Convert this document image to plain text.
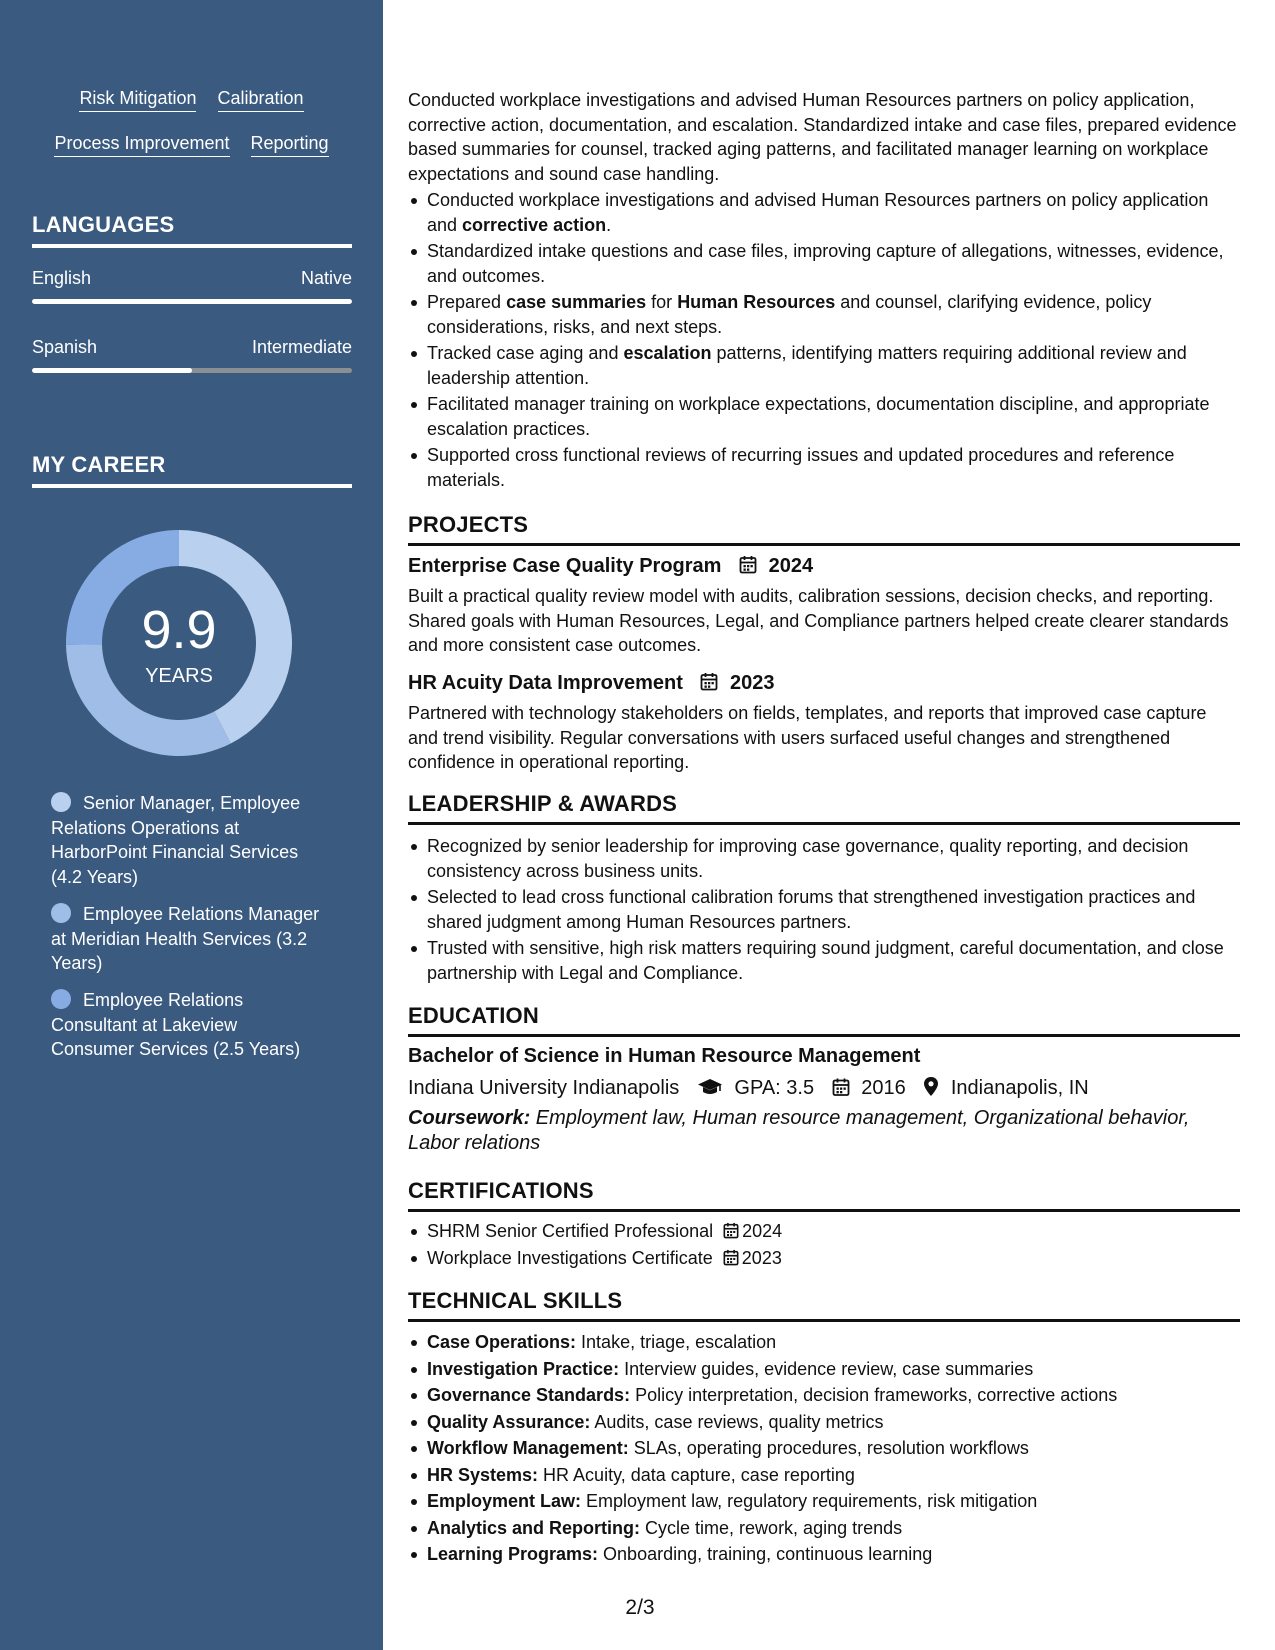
Risk Mitigation Calibration
Process Improvement Reporting
LANGUAGES
English	Native
Spanish	Intermediate
MY CAREER
9.9
YEARS
Senior Manager, Employee Relations Operations at HarborPoint Financial Services (4.2 Years)
Employee Relations Manager at Meridian Health Services (3.2 Years)
Employee Relations Consultant at Lakeview Consumer Services (2.5 Years)
Conducted workplace investigations and advised Human Resources partners on policy application, corrective action, documentation, and escalation. Standardized intake and case files, prepared evidence based summaries for counsel, tracked aging patterns, and facilitated manager learning on workplace expectations and sound case handling.
Conducted workplace investigations and advised Human Resources partners on policy application and corrective action.
Standardized intake questions and case files, improving capture of allegations, witnesses, evidence, and outcomes.
Prepared case summaries for Human Resources and counsel, clarifying evidence, policy considerations, risks, and next steps.
Tracked case aging and escalation patterns, identifying matters requiring additional review and leadership attention.
Facilitated manager training on workplace expectations, documentation discipline, and appropriate escalation practices.
Supported cross functional reviews of recurring issues and updated procedures and reference materials.
PROJECTS
Enterprise Case Quality Program 2024
Built a practical quality review model with audits, calibration sessions, decision checks, and reporting. Shared goals with Human Resources, Legal, and Compliance partners helped create clearer standards and more consistent case outcomes.
HR Acuity Data Improvement 2023
Partnered with technology stakeholders on fields, templates, and reports that improved case capture and trend visibility. Regular conversations with users surfaced useful changes and strengthened confidence in operational reporting.
LEADERSHIP & AWARDS
Recognized by senior leadership for improving case governance, quality reporting, and decision consistency across business units.
Selected to lead cross functional calibration forums that strengthened investigation practices and shared judgment among Human Resources partners.
Trusted with sensitive, high risk matters requiring sound judgment, careful documentation, and close partnership with Legal and Compliance.
EDUCATION
Bachelor of Science in Human Resource Management
Indiana University Indianapolis	GPA: 3.5 2016 Indianapolis, IN
Coursework: Employment law, Human resource management, Organizational behavior, Labor relations
CERTIFICATIONS
SHRM Senior Certified Professional 2024
Workplace Investigations Certificate 2023
TECHNICAL SKILLS
Case Operations: Intake, triage, escalation
Investigation Practice: Interview guides, evidence review, case summaries
Governance Standards: Policy interpretation, decision frameworks, corrective actions
Quality Assurance: Audits, case reviews, quality metrics
Workflow Management: SLAs, operating procedures, resolution workflows
HR Systems: HR Acuity, data capture, case reporting
Employment Law: Employment law, regulatory requirements, risk mitigation
Analytics and Reporting: Cycle time, rework, aging trends
Learning Programs: Onboarding, training, continuous learning
2/3
